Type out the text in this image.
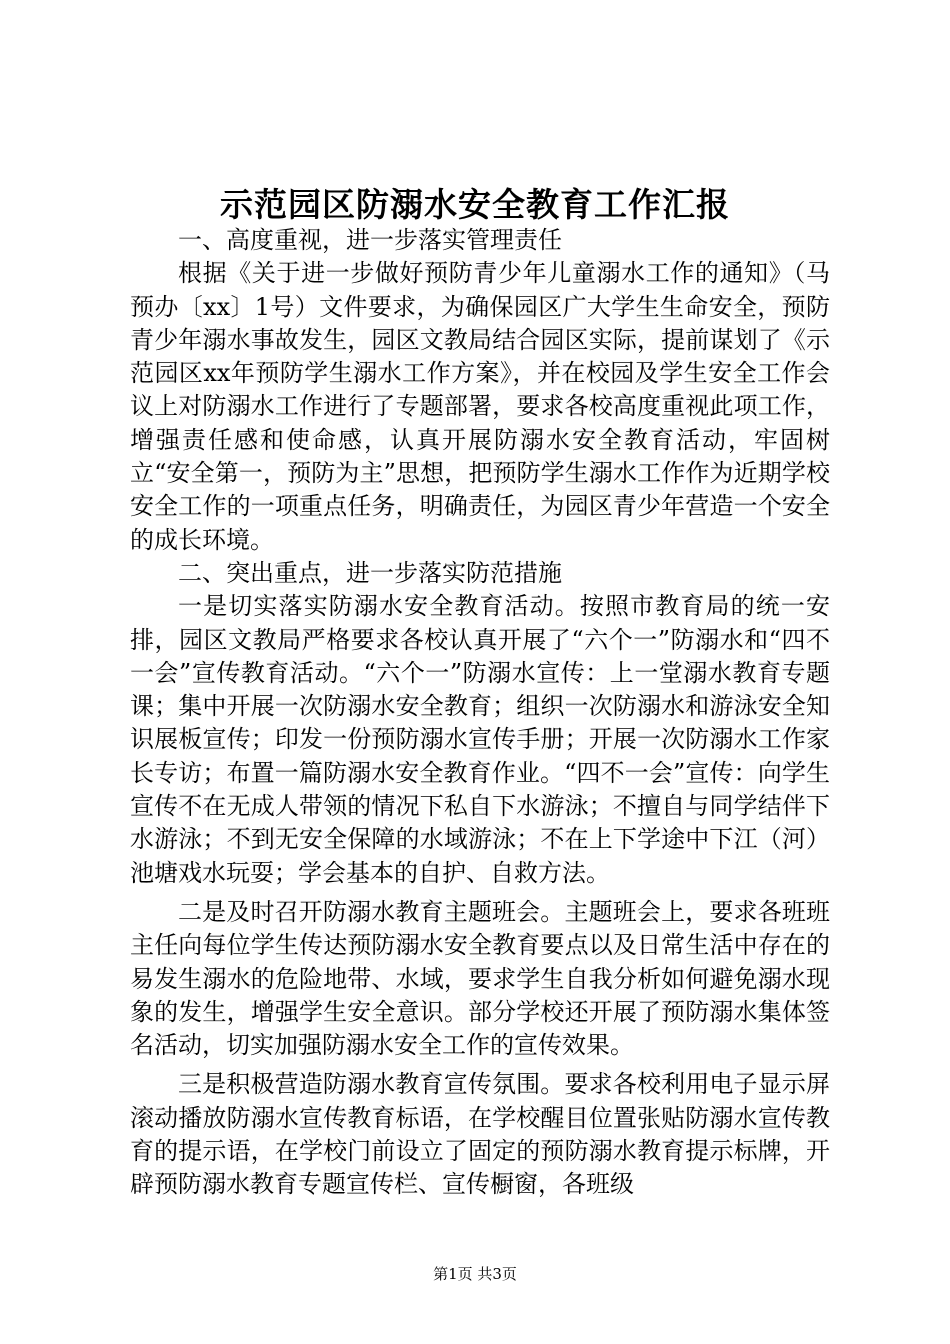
示范园区防溺水安全教育工作汇报

一、高度重视，进一步落实管理责任

根据《关于进一步做好预防青少年儿童溺水工作的通知》（马预办〔xx〕1号）文件要求，为确保园区广大学生生命安全，预防青少年溺水事故发生，园区文教局结合园区实际，提前谋划了《示范园区xx年预防学生溺水工作方案》，并在校园及学生安全工作会议上对防溺水工作进行了专题部署，要求各校高度重视此项工作，增强责任感和使命感，认真开展防溺水安全教育活动，牢固树立“安全第一，预防为主”思想，把预防学生溺水工作作为近期学校安全工作的一项重点任务，明确责任，为园区青少年营造一个安全的成长环境。

二、突出重点，进一步落实防范措施

一是切实落实防溺水安全教育活动。按照市教育局的统一安排，园区文教局严格要求各校认真开展了“六个一”防溺水和“四不一会”宣传教育活动。“六个一”防溺水宣传：上一堂溺水教育专题课；集中开展一次防溺水安全教育；组织一次防溺水和游泳安全知识展板宣传；印发一份预防溺水宣传手册；开展一次防溺水工作家长专访；布置一篇防溺水安全教育作业。“四不一会”宣传：向学生宣传不在无成人带领的情况下私自下水游泳；不擅自与同学结伴下水游泳；不到无安全保障的水域游泳；不在上下学途中下江（河）池塘戏水玩耍；学会基本的自护、自救方法。

二是及时召开防溺水教育主题班会。主题班会上，要求各班班主任向每位学生传达预防溺水安全教育要点以及日常生活中存在的易发生溺水的危险地带、水域，要求学生自我分析如何避免溺水现象的发生，增强学生安全意识。部分学校还开展了预防溺水集体签名活动，切实加强防溺水安全工作的宣传效果。

三是积极营造防溺水教育宣传氛围。要求各校利用电子显示屏滚动播放防溺水宣传教育标语，在学校醒目位置张贴防溺水宣传教育的提示语，在学校门前设立了固定的预防溺水教育提示标牌，开辟预防溺水教育专题宣传栏、宣传橱窗，各班级

第1页 共3页
